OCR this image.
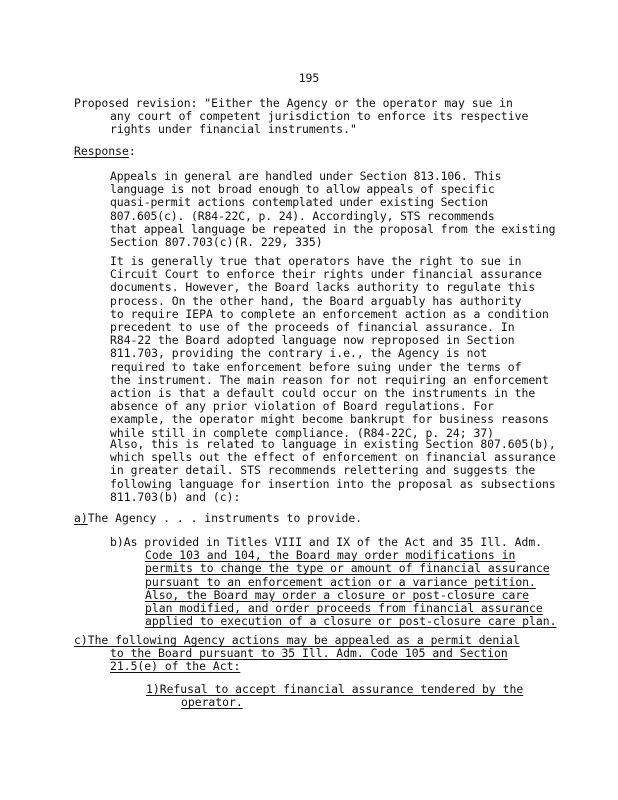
195
Proposed revision: "Either the Agency or the operator may sue in
any court of competent jurisdiction to enforce its respective
rights under financial instruments."
Response:
Appeals in general are handled under Section 813.106. This
language is not broad enough to allow appeals of specific
quasi-permit actions contemplated under existing Section
807.605(c). (R84-22C, p. 24). Accordingly, STS recommends
that appeal language be repeated in the proposal from the existing
Section 807.703(c)(R. 229, 335)
It is generally true that operators have the right to sue in
Circuit Court to enforce their rights under financial assurance
documents. However, the Board lacks authority to regulate this
process. On the other hand, the Board arguably has authority
to require IEPA to complete an enforcement action as a condition
precedent to use of the proceeds of financial assurance. In
R84-22 the Board adopted language now reproposed in Section
811.703, providing the contrary i.e., the Agency is not
required to take enforcement before suing under the terms of
the instrument. The main reason for not requiring an enforcement
action is that a default could occur on the instruments in the
absence of any prior violation of Board regulations. For
example, the operator might become bankrupt for business reasons
while still in complete compliance. (R84-22C, p. 24; 37)
Also, this is related to language in existing Section 807.605(b),
which spells out the effect of enforcement on financial assurance
in greater detail. STS recommends relettering and suggests the
following language for insertion into the proposal as subsections
811.703(b) and (c):
a)The Agency . . . instruments to provide.
b)As provided in Titles VIII and IX of the Act and 35 Ill. Adm.
Code 103 and 104, the Board may order modifications in
permits to change the type or amount of financial assurance
pursuant to an enforcement action or a variance petition.
Also, the Board may order a closure or post-closure care
plan modified, and order proceeds from financial assurance
applied to execution of a closure or post-closure care plan.
c)The following Agency actions may be appealed as a permit denial
to the Board pursuant to 35 Ill. Adm. Code 105 and Section
21.5(e) of the Act:
1)Refusal to accept financial assurance tendered by the
operator.
